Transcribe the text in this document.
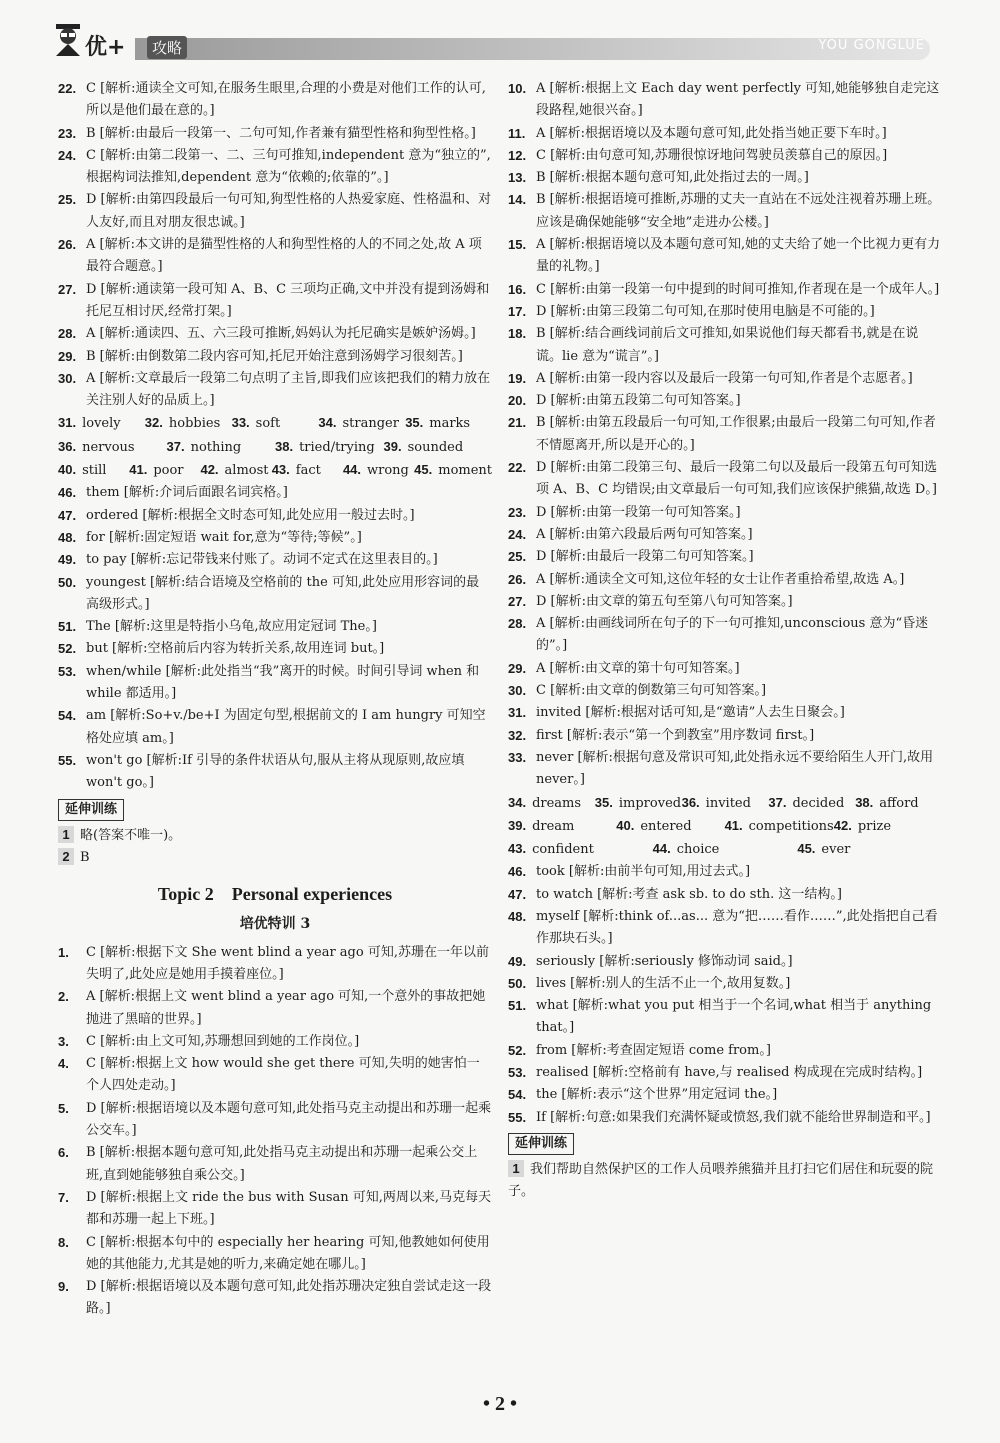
优+	攻略	YOU GONGLUE
22. C [解析:通读全文可知,在服务生眼里,合理的小费是对他们工作的认可,所以是他们最在意的。]
23. B [解析:由最后一段第一、二句可知,作者兼有猫型性格和狗型性格。]
24. C [解析:由第二段第一、二、三句可推知,independent 意为“独立的”,根据构词法推知,dependent 意为“依赖的;依靠的”。]
25. D [解析:由第四段最后一句可知,狗型性格的人热爱家庭、性格温和、对人友好,而且对朋友很忠诚。]
26. A [解析:本文讲的是猫型性格的人和狗型性格的人的不同之处,故 A 项最符合题意。]
27. D [解析:通读第一段可知 A、B、C 三项均正确,文中并没有提到汤姆和托尼互相讨厌,经常打架。]
28. A [解析:通读四、五、六三段可推断,妈妈认为托尼确实是嫉妒汤姆。]
29. B [解析:由倒数第二段内容可知,托尼开始注意到汤姆学习很刻苦。]
30. A [解析:文章最后一段第二句点明了主旨,即我们应该把我们的精力放在关注别人好的品质上。]
31. lovely	32. hobbies 33. soft	34. stranger 35. marks
36. nervous	37. nothing	38. tried/trying 39. sounded
40. still	41. poor	42. almost 43. fact	44. wrong 45. moment
46. them [解析:介词后面跟名词宾格。]
47. ordered [解析:根据全文时态可知,此处应用一般过去时。]
48. for [解析:固定短语 wait for,意为“等待;等候”。]
49. to pay [解析:忘记带钱来付账了。动词不定式在这里表目的。]
50. youngest [解析:结合语境及空格前的 the 可知,此处应用形容词的最高级形式。]
51. The [解析:这里是特指小乌龟,故应用定冠词 The。]
52. but [解析:空格前后内容为转折关系,故用连词 but。]
53. when/while [解析:此处指当“我”离开的时候。时间引导词 when 和 while 都适用。]
54. am [解析:So+v./be+I 为固定句型,根据前文的 I am hungry 可知空格处应填 am。]
55. won't go [解析:If 引导的条件状语从句,服从主将从现原则,故应填 won't go。]
延伸训练
1 略(答案不唯一)。
2 B
Topic 2　Personal experiences
培优特训 3
1.	C [解析:根据下文 She went blind a year ago 可知,苏珊在一年以前失明了,此处应是她用手摸着座位。]
2.	A [解析:根据上文 went blind a year ago 可知,一个意外的事故把她抛进了黑暗的世界。]
3.	C [解析:由上文可知,苏珊想回到她的工作岗位。]
4.	C [解析:根据上文 how would she get there 可知,失明的她害怕一个人四处走动。]
5.	D [解析:根据语境以及本题句意可知,此处指马克主动提出和苏珊一起乘公交车。]
6.	B [解析:根据本题句意可知,此处指马克主动提出和苏珊一起乘公交上班,直到她能够独自乘公交。]
7.	D [解析:根据上文 ride the bus with Susan 可知,两周以来,马克每天都和苏珊一起上下班。]
8.	C [解析:根据本句中的 especially her hearing 可知,他教她如何使用她的其他能力,尤其是她的听力,来确定她在哪儿。]
9.	D [解析:根据语境以及本题句意可知,此处指苏珊决定独自尝试走这一段路。]
10. A [解析:根据上文 Each day went perfectly 可知,她能够独自走完这段路程,她很兴奋。]
11. A [解析:根据语境以及本题句意可知,此处指当她正要下车时。]
12. C [解析:由句意可知,苏珊很惊讶地问驾驶员羡慕自己的原因。]
13. B [解析:根据本题句意可知,此处指过去的一周。]
14. B [解析:根据语境可推断,苏珊的丈夫一直站在不远处注视着苏珊上班。应该是确保她能够“安全地”走进办公楼。]
15. A [解析:根据语境以及本题句意可知,她的丈夫给了她一个比视力更有力量的礼物。]
16. C [解析:由第一段第一句中提到的时间可推知,作者现在是一个成年人。]
17. D [解析:由第三段第二句可知,在那时使用电脑是不可能的。]
18. B [解析:结合画线词前后文可推知,如果说他们每天都看书,就是在说谎。lie 意为“谎言”。]
19. A [解析:由第一段内容以及最后一段第一句可知,作者是个志愿者。]
20. D [解析:由第五段第二句可知答案。]
21. B [解析:由第五段最后一句可知,工作很累;由最后一段第二句可知,作者不情愿离开,所以是开心的。]
22. D [解析:由第二段第三句、最后一段第二句以及最后一段第五句可知选项 A、B、C 均错误;由文章最后一句可知,我们应该保护熊猫,故选 D。]
23. D [解析:由第一段第一句可知答案。]
24. A [解析:由第六段最后两句可知答案。]
25. D [解析:由最后一段第二句可知答案。]
26. A [解析:通读全文可知,这位年轻的女士让作者重拾希望,故选 A。]
27. D [解析:由文章的第五句至第八句可知答案。]
28. A [解析:由画线词所在句子的下一句可推知,unconscious 意为“昏迷的”。]
29. A [解析:由文章的第十句可知答案。]
30. C [解析:由文章的倒数第三句可知答案。]
31. invited [解析:根据对话可知,是“邀请”人去生日聚会。]
32. first [解析:表示“第一个到教室”用序数词 first。]
33. never [解析:根据句意及常识可知,此处指永远不要给陌生人开门,故用 never。]
34. dreams	35. improved 36. invited	37. decided 38. afford
39. dream	40. entered	41. competitions 42. prize
43. confident	44. choice	45. ever
46. took [解析:由前半句可知,用过去式。]
47. to watch [解析:考查 ask sb. to do sth. 这一结构。]
48. myself [解析:think of...as... 意为“把……看作……”,此处指把自己看作那块石头。]
49. seriously [解析:seriously 修饰动词 said。]
50. lives [解析:别人的生活不止一个,故用复数。]
51. what [解析:what you put 相当于一个名词,what 相当于 anything that。]
52. from [解析:考查固定短语 come from。]
53. realised [解析:空格前有 have,与 realised 构成现在完成时结构。]
54. the [解析:表示“这个世界”用定冠词 the。]
55. If [解析:句意:如果我们充满怀疑或愤怒,我们就不能给世界制造和平。]
延伸训练
1 我们帮助自然保护区的工作人员喂养熊猫并且打扫它们居住和玩耍的院子。
• 2 •
